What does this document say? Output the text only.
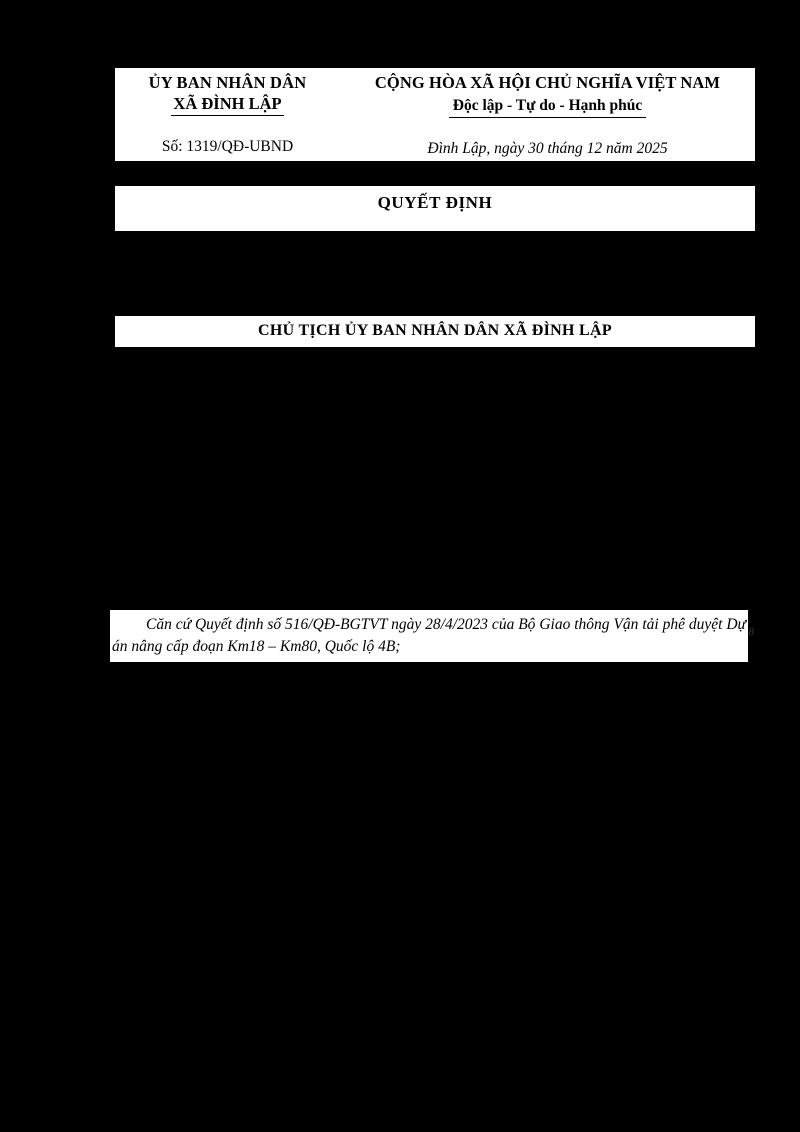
ỦY BAN NHÂN DÂN
XÃ ĐÌNH LẬP
Số: 1319/QĐ-UBND
CỘNG HÒA XÃ HỘI CHỦ NGHĨA VIỆT NAM
Độc lập - Tự do - Hạnh phúc
Đình Lập, ngày 30 tháng 12 năm 2025
QUYẾT ĐỊNH
CHỦ TỊCH ỦY BAN NHÂN DÂN XÃ ĐÌNH LẬP
Căn cứ Quyết định số 516/QĐ-BGTVT ngày 28/4/2023 của Bộ Giao thông Vận tải phê duyệt Dự án nâng cấp đoạn Km18 – Km80, Quốc lộ 4B;
8
